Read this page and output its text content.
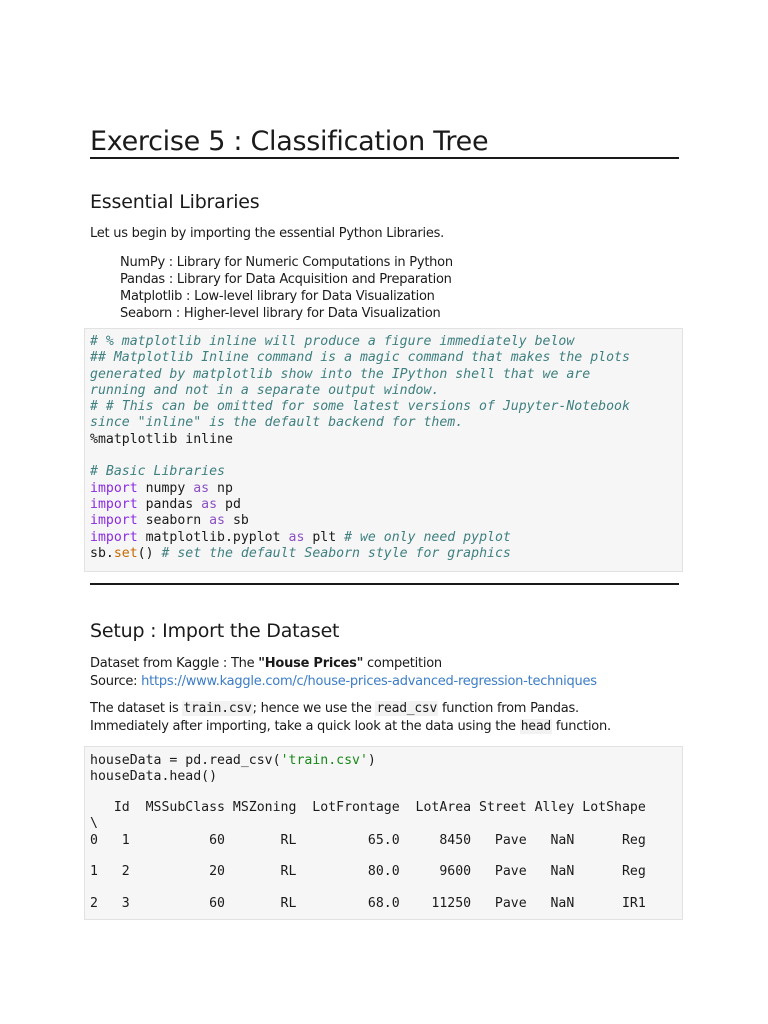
Exercise 5 : Classification Tree
Essential Libraries
Let us begin by importing the essential Python Libraries.
NumPy : Library for Numeric Computations in Python
Pandas : Library for Data Acquisition and Preparation
Matplotlib : Low-level library for Data Visualization
Seaborn : Higher-level library for Data Visualization
# % matplotlib inline will produce a figure immediately below
## Matplotlib Inline command is a magic command that makes the plots
generated by matplotlib show into the IPython shell that we are
running and not in a separate output window.
# # This can be omitted for some latest versions of Jupyter-Notebook
since "inline" is the default backend for them.
%matplotlib inline

# Basic Libraries
import numpy as np
import pandas as pd
import seaborn as sb
import matplotlib.pyplot as plt # we only need pyplot
sb.set() # set the default Seaborn style for graphics
Setup : Import the Dataset
Dataset from Kaggle : The "House Prices" competition
Source: https://www.kaggle.com/c/house-prices-advanced-regression-techniques
The dataset is train.csv; hence we use the read_csv function from Pandas.
Immediately after importing, take a quick look at the data using the head function.
houseData = pd.read_csv('train.csv')
houseData.head()
Id  MSSubClass MSZoning  LotFrontage  LotArea Street Alley LotShape
\
0   1          60       RL         65.0     8450   Pave   NaN      Reg
1   2          20       RL         80.0     9600   Pave   NaN      Reg
2   3          60       RL         68.0    11250   Pave   NaN      IR1
